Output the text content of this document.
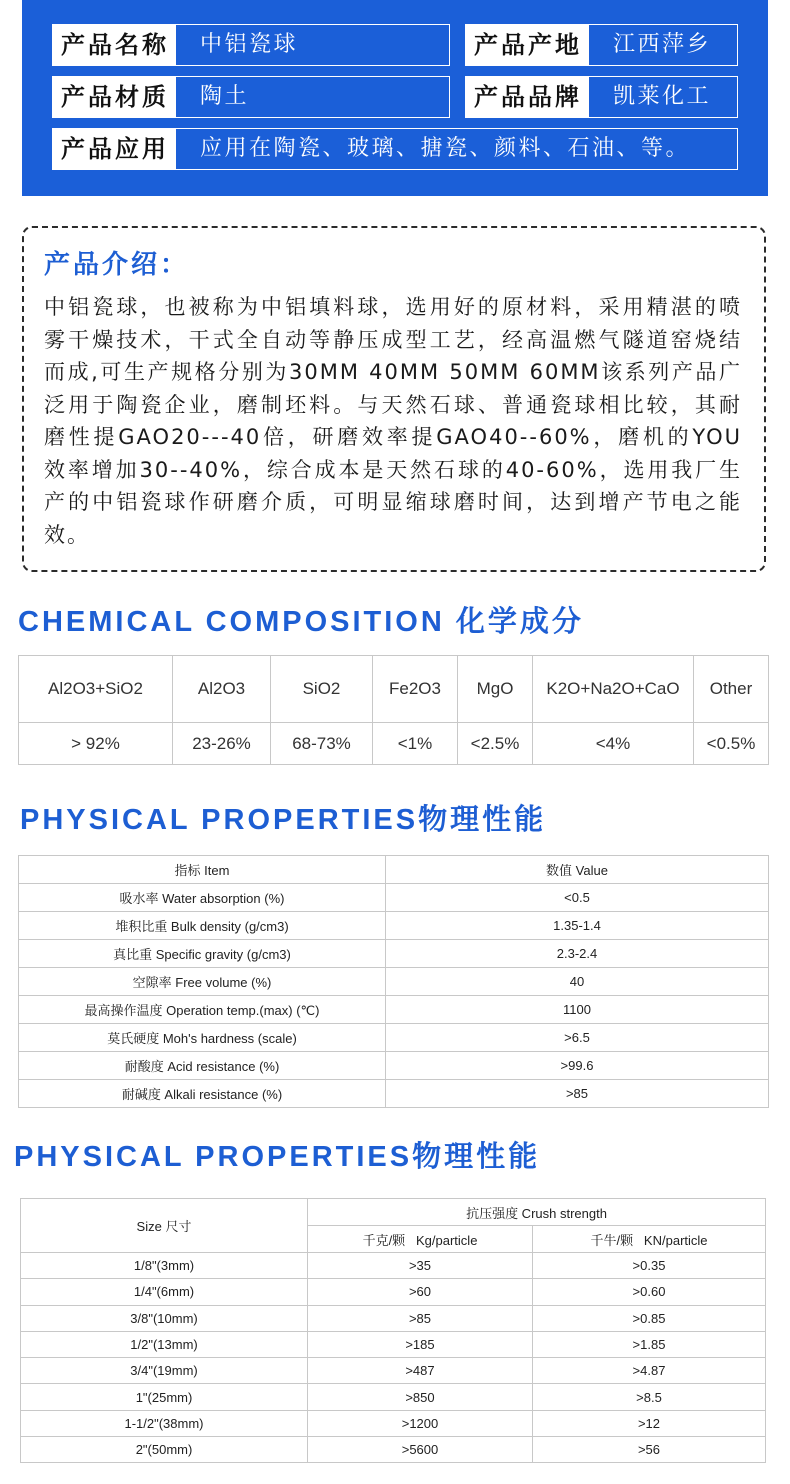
产品名称	中铝瓷球	产品产地	江西萍乡
产品材质	陶土	产品品牌	凯莱化工
产品应用	应用在陶瓷、玻璃、搪瓷、颜料、石油、等。
产品介绍：
中铝瓷球，也被称为中铝填料球，选用好的原材料，采用精湛的喷
雾干燥技术，干式全自动等静压成型工艺，经高温燃气隧道窑烧结
而成,可生产规格分别为30MM 40MM 50MM 60MM该系列产品广
泛用于陶瓷企业，磨制坯料。与天然石球、普通瓷球相比较，其耐
磨性提GAO20---40倍，研磨效率提GAO40--60%，磨机的YOU
效率增加30--40%，综合成本是天然石球的40-60%，选用我厂生
产的中铝瓷球作研磨介质，可明显缩球磨时间，达到增产节电之能
效。
CHEMICAL COMPOSITION 化学成分
Al2O3+SiO2	Al2O3	SiO2	Fe2O3	MgO	K2O+Na2O+CaO	Other
> 92%	23-26%	68-73%	<1%	<2.5%	<4%	<0.5%
PHYSICAL PROPERTIES物理性能
指标 Item	数值 Value
吸水率 Water absorption (%)	<0.5
堆积比重 Bulk density (g/cm3)	1.35-1.4
真比重 Specific gravity (g/cm3)	2.3-2.4
空隙率 Free volume (%)	40
最高操作温度 Operation temp.(max) (℃)	1100
莫氏硬度 Moh's hardness (scale)	>6.5
耐酸度 Acid resistance (%)	>99.6
耐碱度 Alkali resistance (%)	>85
PHYSICAL PROPERTIES物理性能
Size 尺寸	抗压强度 Crush strength	
	千克/颗   Kg/particle	千牛/颗   KN/particle
1/8"(3mm)	>35	>0.35
1/4"(6mm)	>60	>0.60
3/8"(10mm)	>85	>0.85
1/2"(13mm)	>185	>1.85
3/4"(19mm)	>487	>4.87
1"(25mm)	>850	>8.5
1-1/2"(38mm)	>1200	>12
2"(50mm)	>5600	>56
